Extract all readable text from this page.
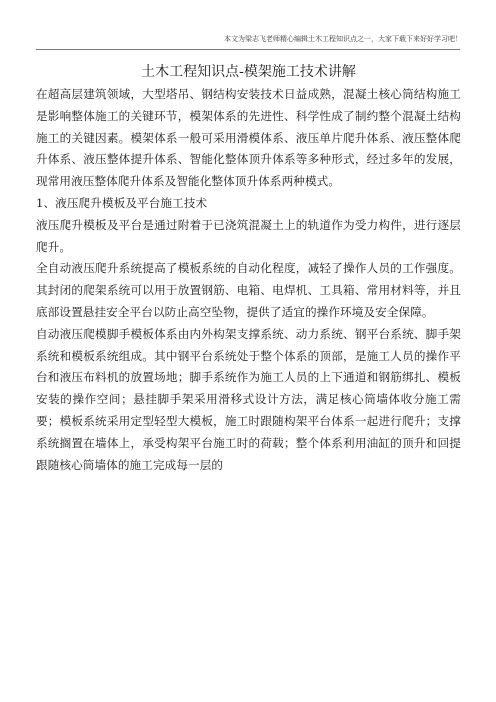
本文为梁志飞老师精心编辑土木工程知识点之一，大家下载下来好好学习吧！
土木工程知识点-模架施工技术讲解

在超高层建筑领域，大型塔吊、钢结构安装技术日益成熟，混凝土核心筒结构施工是影响整体施工的关键环节，模架体系的先进性、科学性成了制约整个混凝土结构施工的关键因素。模架体系一般可采用滑模体系、液压单片爬升体系、液压整体爬升体系、液压整体提升体系、智能化整体顶升体系等多种形式，经过多年的发展，现常用液压整体爬升体系及智能化整体顶升体系两种模式。

1、液压爬升模板及平台施工技术

液压爬升模板及平台是通过附着于已浇筑混凝土上的轨道作为受力构件，进行逐层爬升。

全自动液压爬升系统提高了模板系统的自动化程度，减轻了操作人员的工作强度。其封闭的爬架系统可以用于放置钢筋、电箱、电焊机、工具箱、常用材料等，并且底部设置悬挂安全平台以防止高空坠物，提供了适宜的操作环境及安全保障。

自动液压爬模脚手模板体系由内外构架支撑系统、动力系统、钢平台系统、脚手架系统和模板系统组成。其中钢平台系统处于整个体系的顶部，是施工人员的操作平台和液压布料机的放置场地；脚手系统作为施工人员的上下通道和钢筋绑扎、模板安装的操作空间；悬挂脚手架采用滑移式设计方法，满足核心筒墙体收分施工需要；模板系统采用定型轻型大模板，施工时跟随构架平台体系一起进行爬升；支撑系统搁置在墙体上，承受构架平台施工时的荷载；整个体系利用油缸的顶升和回提跟随核心筒墙体的施工完成每一层的
